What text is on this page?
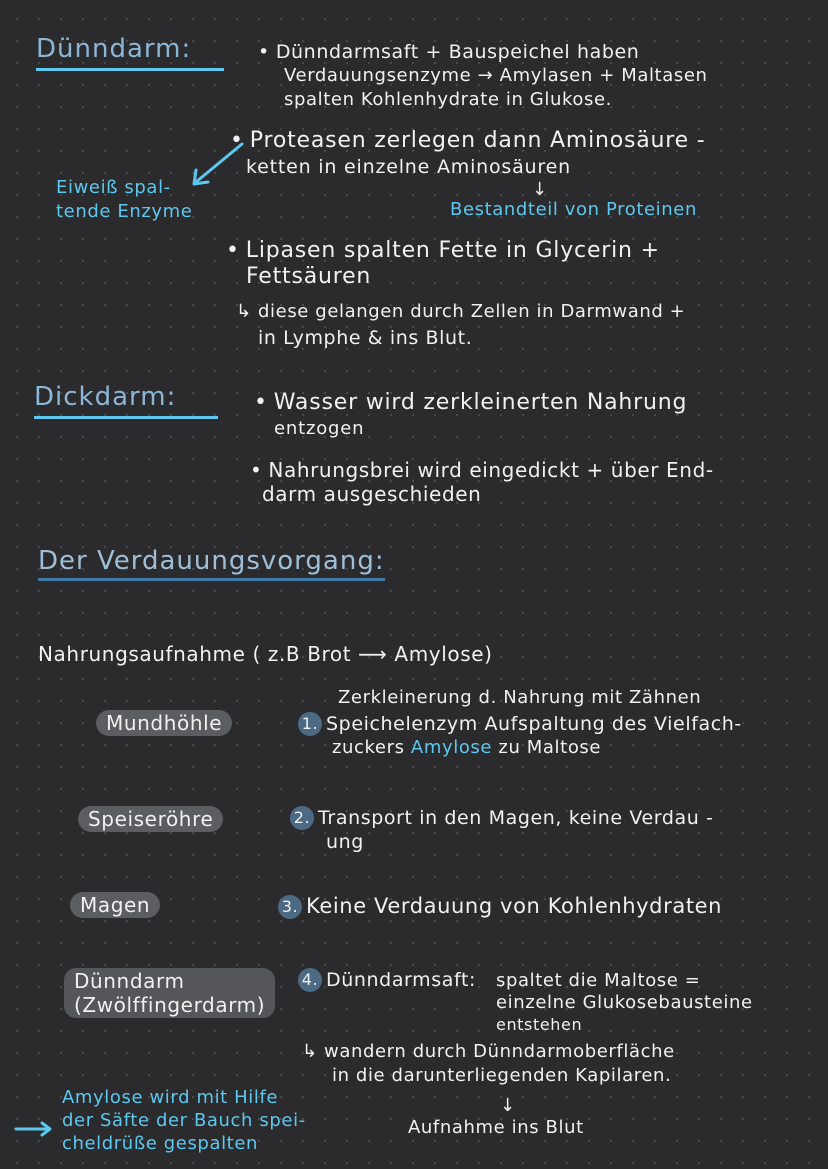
Dünndarm:	• Dünndarmsaft + Bauspeichel haben
Verdauungsenzyme → Amylasen + Maltasen
spalten Kohlenhydrate in Glukose.
• Proteasen zerlegen dann Aminosäure -
ketten in einzelne Aminosäuren
Eiweiß spal-
tende Enzyme
↓
Bestandteil von Proteinen
• Lipasen spalten Fette in Glycerin +
Fettsäuren
↳ diese gelangen durch Zellen in Darmwand +
in Lymphe & ins Blut.
Dickdarm:	• Wasser wird zerkleinerten Nahrung
entzogen
• Nahrungsbrei wird eingedickt + über End-
darm ausgeschieden
Der Verdauungsvorgang:
Nahrungsaufnahme ( z.B Brot ⟶ Amylose)
Mundhöhle
Zerkleinerung d. Nahrung mit Zähnen
1. Speichelenzym Aufspaltung des Vielfach-
zuckers Amylose zu Maltose
Speiseröhre	2. Transport in den Magen, keine Verdau -
ung
Magen	3. Keine Verdauung von Kohlenhydraten
Dünndarm
(Zwölffingerdarm)
4. Dünndarmsaft: spaltet die Maltose =
einzelne Glukosebausteine
entstehen
↳ wandern durch Dünndarmoberfläche
in die darunterliegenden Kapilaren.
↓
Aufnahme ins Blut
Amylose wird mit Hilfe
der Säfte der Bauch spei-
cheldrüße gespalten
